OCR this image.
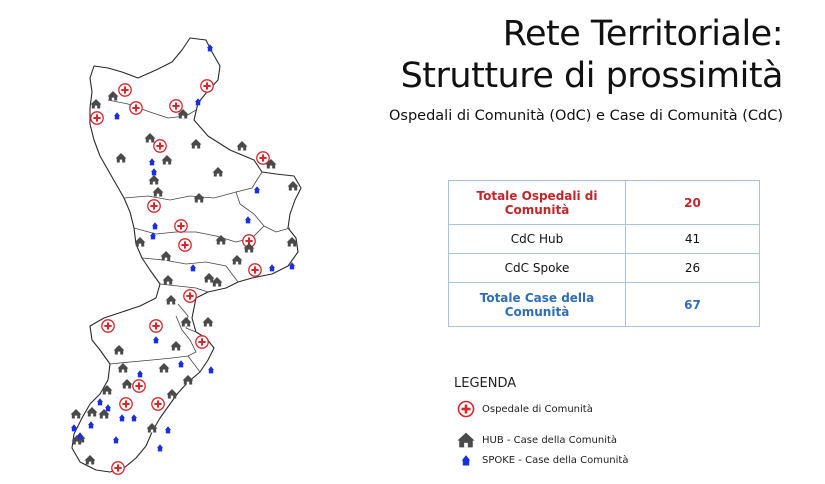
Rete Territoriale:
Strutture di prossimità
Ospedali di Comunità (OdC) e Case di Comunità (CdC)
Totale Ospedali di Comunità	20
CdC Hub	41
CdC Spoke	26
Totale Case della Comunità	67
LEGENDA
Ospedale di Comunità
HUB - Case della Comunità
SPOKE - Case della Comunità
